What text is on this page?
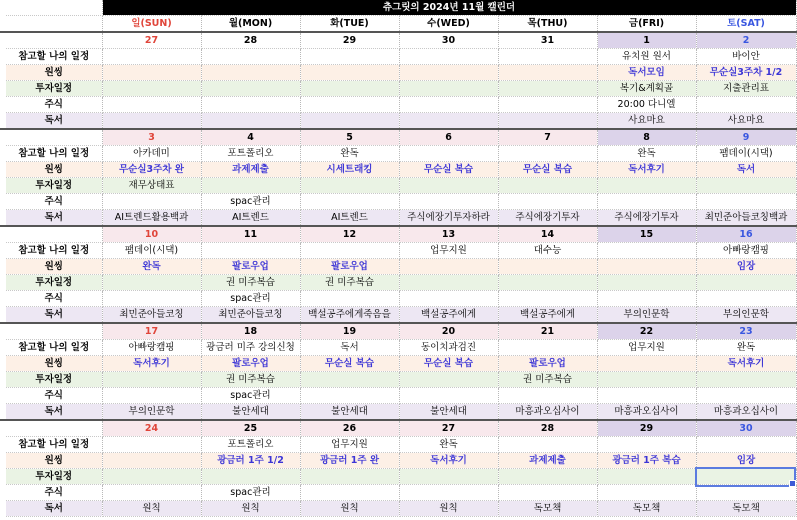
		츄그릿의 2024년 11월 캘린더						
		일(SUN)	월(MON)	화(TUE)	수(WED)	목(THU)	금(FRI)	토(SAT)
		27	28	29	30	31	1	2
	참고할 나의 일정						유치원 원서	바이안
	원씽						독서모임	무순실3주차 1/2
	투자일정						복기&계획골	지출관리표
	주식						20:00 다니엘	
	독서						사요마요	사요마요
		3	4	5	6	7	8	9
	참고할 나의 일정	아카데미	포트폴리오	완독			완독	팸데이(시댁)
	원씽	무순실3주차 완	과제제출	시세트래킹	무순실 복습	무순실 복습	독서후기	독서
	투자일정	재무상태표						
	주식		spac관리					
	독서	AI트렌드활용백과	AI트렌드	AI트렌드	주식에장기투자하라	주식에장기투자	주식에장기투자	최민준아들코칭백과
		10	11	12	13	14	15	16
	참고할 나의 일정	팸데이(시댁)			업무지원	대수능		아빠랑캠핑
	원씽	완독	팔로우업	팔로우업				임장
	투자일정		권 미주복습	권 미주복습				
	주식		spac관리					
	독서	최민준아들코칭	최민준아들코칭	백설공주에게죽음을	백설공주에게	백설공주에게	부의인문학	부의인문학
		17	18	19	20	21	22	23
	참고할 나의 일정	아빠랑캠핑	광금러 미주 강의신청	독서	동이치과검진		업무지원	완독
	원씽	독서후기	팔로우업	무순실 복습	무순실 복습	팔로우업		독서후기
	투자일정		권 미주복습			권 미주복습		
	주식		spac관리					
	독서	부의인문학	불안세대	불안세대	불안세대	마흥과오십사이	마흥과오십사이	마흥과오십사이
		24	25	26	27	28	29	30
	참고할 나의 일정		포트폴리오	업무지원	완독			
	원씽		광금러 1주 1/2	광금러 1주 완	독서후기	과제제출	광금러 1주 복습	임장
	투자일정							
	주식		spac관리					
	독서	원칙	원칙	원칙	원칙	독모책	독모책	독모책
